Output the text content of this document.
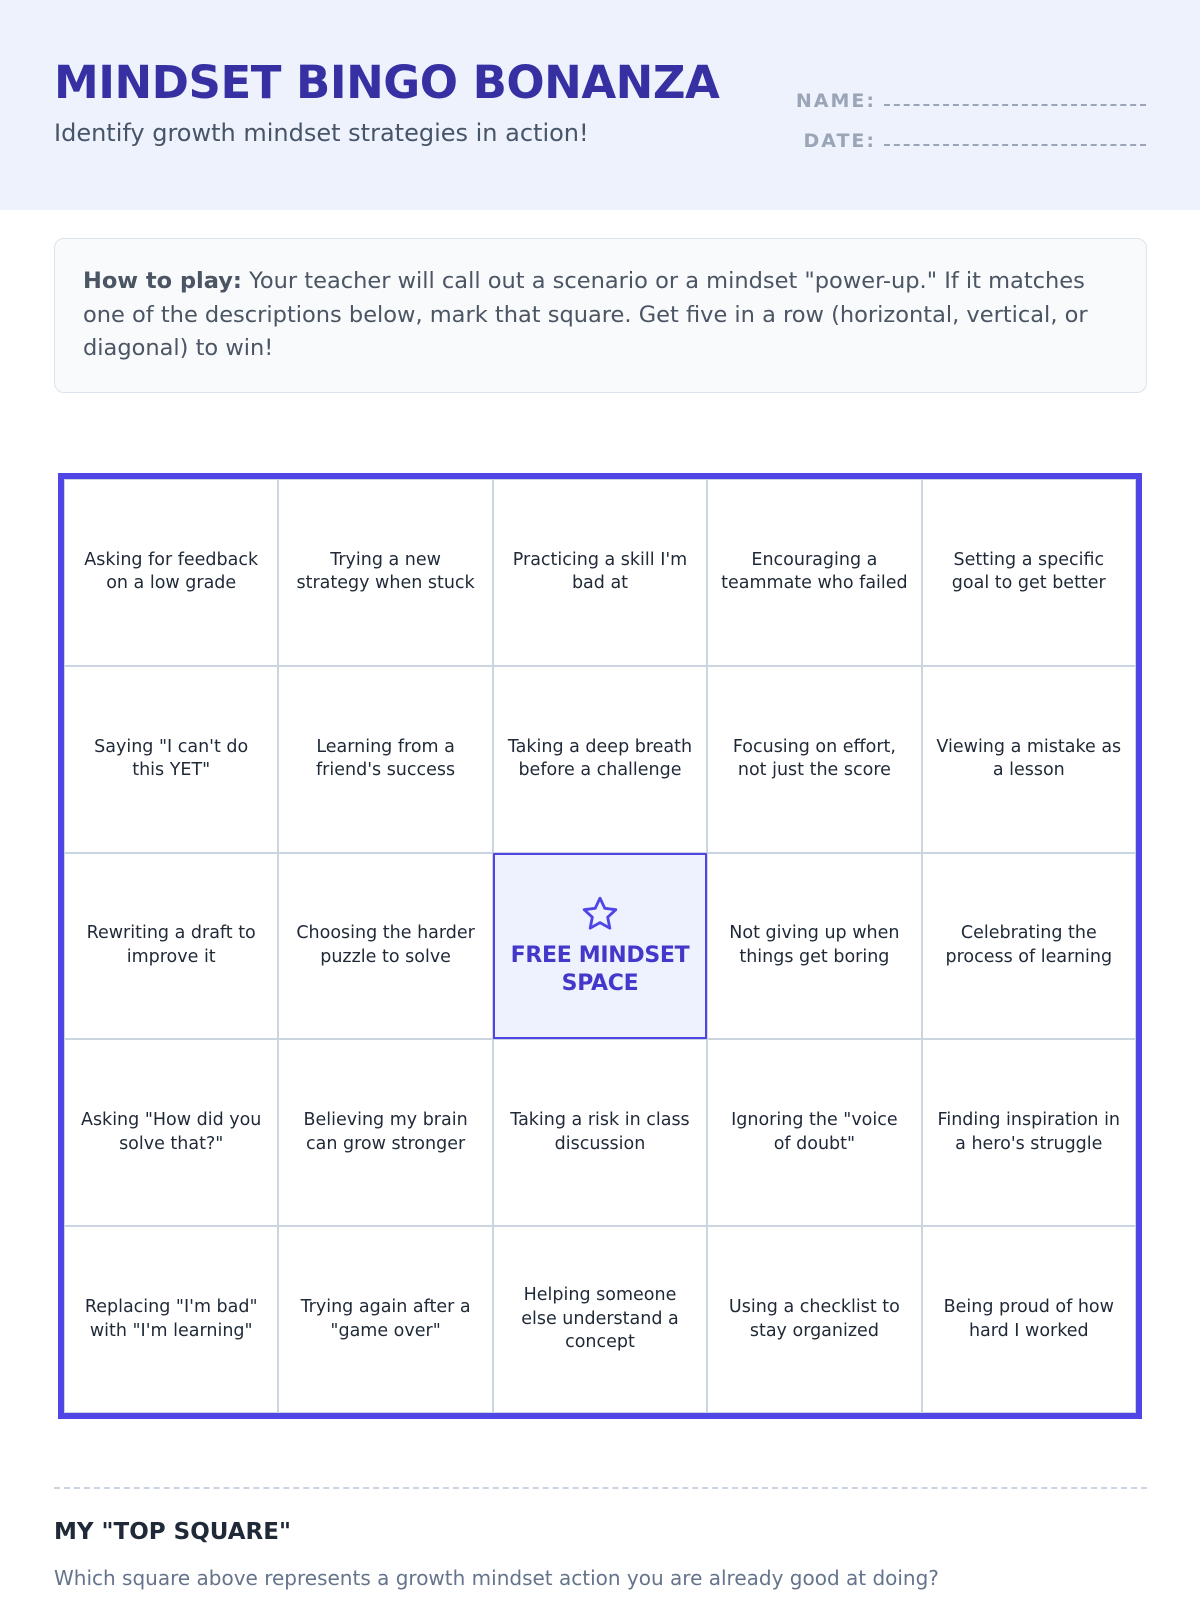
MINDSET BINGO BONANZA
Identify growth mindset strategies in action!
NAME:
DATE:
How to play: Your teacher will call out a scenario or a mindset "power-up." If it matches one of the descriptions below, mark that square. Get five in a row (horizontal, vertical, or diagonal) to win!
Asking for feedback on a low grade
Trying a new strategy when stuck
Practicing a skill I'm bad at
Encouraging a teammate who failed
Setting a specific goal to get better
Saying "I can't do this YET"
Learning from a friend's success
Taking a deep breath before a challenge
Focusing on effort, not just the score
Viewing a mistake as a lesson
Rewriting a draft to improve it
Choosing the harder puzzle to solve	FREE MINDSET SPACE
Not giving up when things get boring
Celebrating the process of learning
Asking "How did you solve that?"
Believing my brain can grow stronger
Taking a risk in class discussion
Ignoring the "voice of doubt"
Finding inspiration in a hero's struggle
Replacing "I'm bad" with "I'm learning"
Trying again after a "game over"
Helping someone else understand a concept
Using a checklist to stay organized
Being proud of how hard I worked
MY "TOP SQUARE"
Which square above represents a growth mindset action you are already good at doing?
